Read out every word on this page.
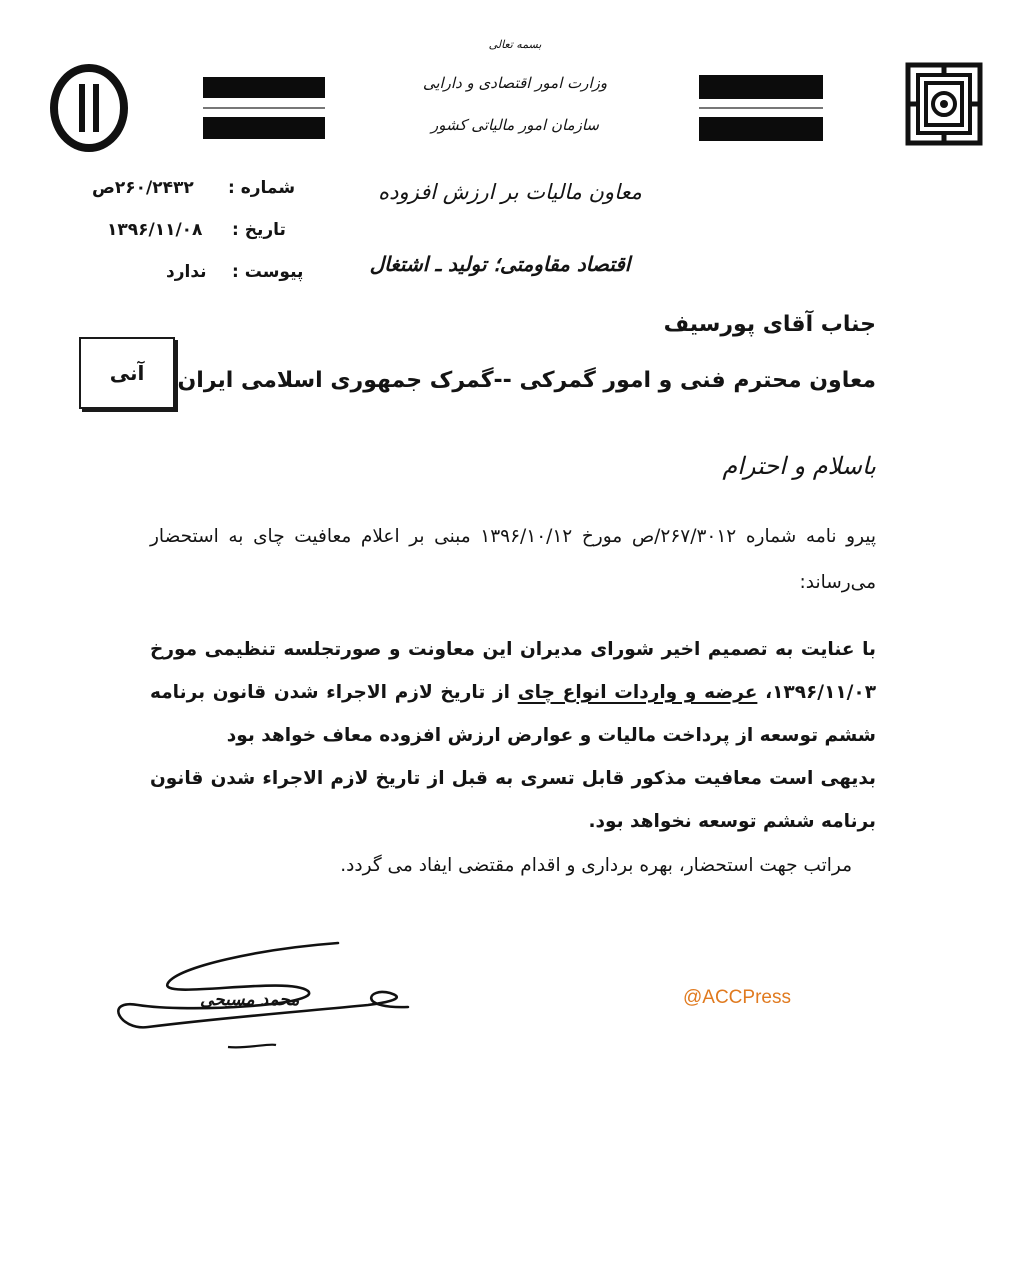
بسمه تعالی
وزارت امور اقتصادی و دارایی
سازمان امور مالیاتی کشور
معاون مالیات بر ارزش افزوده
اقتصاد مقاومتی؛ تولید ـ اشتغال
شماره :
۲۶۰/۲۴۳۲ص
تاریخ :
۱۳۹۶/۱۱/۰۸
پیوست :
ندارد
آنی
جناب آقای پورسیف
معاون محترم فنی و امور گمرکی --گمرک جمهوری اسلامی ایران
باسلام و احترام
پیرو نامه شماره ۲۶۷/۳۰۱۲/ص مورخ ۱۳۹۶/۱۰/۱۲ مبنی بر اعلام معافیت چای به استحضار می‌رساند:
با عنایت به تصمیم اخیر شورای مدیران این معاونت و صورتجلسه تنظیمی مورخ ۱۳۹۶/۱۱/۰۳، عرضه و واردات انواع چای از تاریخ لازم الاجراء شدن قانون برنامه ششم توسعه از پرداخت مالیات و عوارض ارزش افزوده معاف خواهد بود
بدیهی است معافیت مذکور قابل تسری به قبل از تاریخ لازم الاجراء شدن قانون برنامه ششم توسعه نخواهد بود.
مراتب جهت استحضار، بهره برداری و اقدام مقتضی ایفاد می گردد.
محمد مسیحی	@ACCPress
